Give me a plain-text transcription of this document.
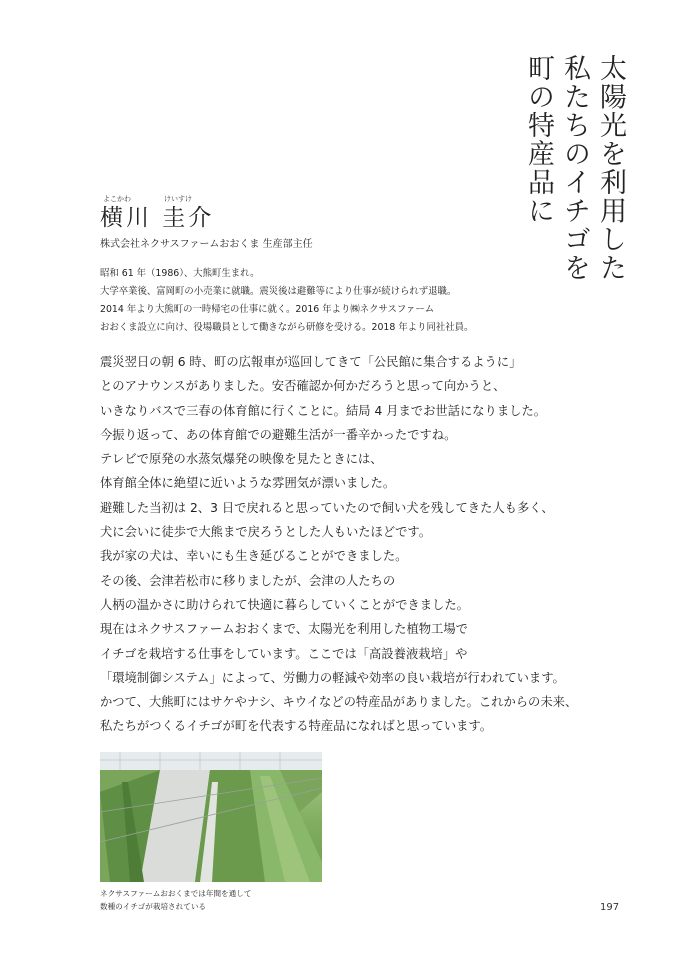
太陽光を利用した
私たちのイチゴを
町の特産品に
よこかわ	けいすけ
横川 圭介
株式会社ネクサスファームおおくま 生産部主任
昭和 61 年（1986）、大熊町生まれ。
大学卒業後、富岡町の小売業に就職。震災後は避難等により仕事が続けられず退職。
2014 年より大熊町の一時帰宅の仕事に就く。2016 年より㈱ネクサスファーム
おおくま設立に向け、役場職員として働きながら研修を受ける。2018 年より同社社員。
震災翌日の朝 6 時、町の広報車が巡回してきて「公民館に集合するように」
とのアナウンスがありました。安否確認か何かだろうと思って向かうと、
いきなりバスで三春の体育館に行くことに。結局 4 月までお世話になりました。
今振り返って、あの体育館での避難生活が一番辛かったですね。
テレビで原発の水蒸気爆発の映像を見たときには、
体育館全体に絶望に近いような雰囲気が漂いました。
避難した当初は 2、3 日で戻れると思っていたので飼い犬を残してきた人も多く、
犬に会いに徒歩で大熊まで戻ろうとした人もいたほどです。
我が家の犬は、幸いにも生き延びることができました。
その後、会津若松市に移りましたが、会津の人たちの
人柄の温かさに助けられて快適に暮らしていくことができました。
現在はネクサスファームおおくまで、太陽光を利用した植物工場で
イチゴを栽培する仕事をしています。ここでは「高設養液栽培」や
「環境制御システム」によって、労働力の軽減や効率の良い栽培が行われています。
かつて、大熊町にはサケやナシ、キウイなどの特産品がありました。これからの未来、
私たちがつくるイチゴが町を代表する特産品になればと思っています。
ネクサスファームおおくまでは年間を通して
数種のイチゴが栽培されている	197
